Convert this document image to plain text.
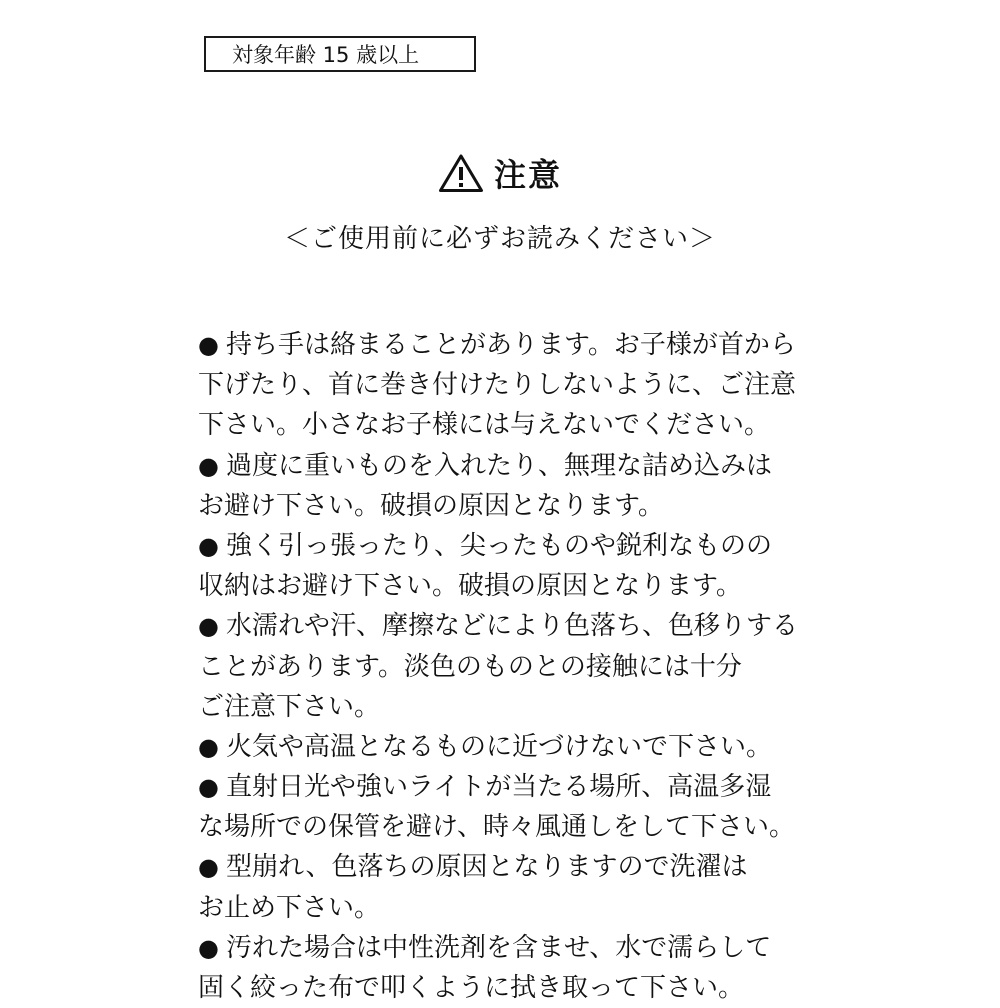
対象年齢 15 歳以上
注意
＜ご使用前に必ずお読みください＞
● 持ち手は絡まることがあります。お子様が首から
下げたり、首に巻き付けたりしないように、ご注意
下さい。小さなお子様には与えないでください。
● 過度に重いものを入れたり、無理な詰め込みは
お避け下さい。破損の原因となります。
● 強く引っ張ったり、尖ったものや鋭利なものの
収納はお避け下さい。破損の原因となります。
● 水濡れや汗、摩擦などにより色落ち、色移りする
ことがあります。淡色のものとの接触には十分
ご注意下さい。
● 火気や高温となるものに近づけないで下さい。
● 直射日光や強いライトが当たる場所、高温多湿
な場所での保管を避け、時々風通しをして下さい。
● 型崩れ、色落ちの原因となりますので洗濯は
お止め下さい。
● 汚れた場合は中性洗剤を含ませ、水で濡らして
固く絞った布で叩くように拭き取って下さい。
